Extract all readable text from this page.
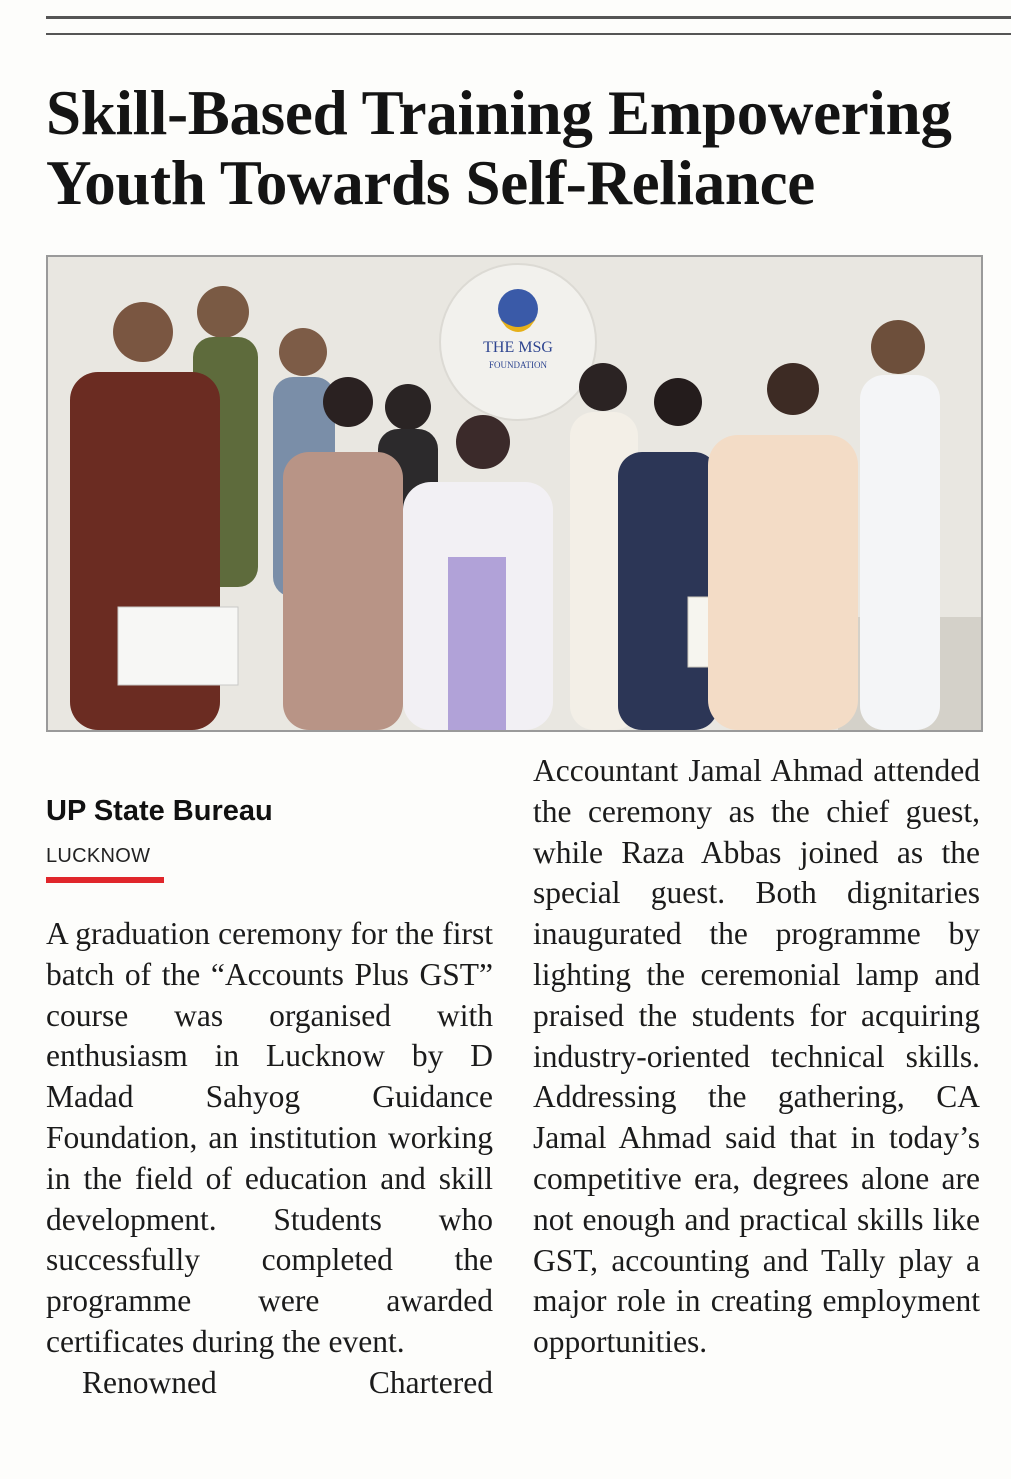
Skill-Based Training Empowering Youth Towards Self-Reliance
THE MSG
FOUNDATION
UP State Bureau
LUCKNOW

A graduation ceremony for the first batch of the “Accounts Plus GST” course was organised with enthusiasm in Lucknow by D Madad Sahyog Guidance Foundation, an institution working in the field of education and skill development. Students who successfully completed the programme were awarded certificates during the event.

Renowned Chartered

Accountant Jamal Ahmad attended the ceremony as the chief guest, while Raza Abbas joined as the special guest. Both dignitaries inaugurated the programme by lighting the ceremonial lamp and praised the students for acquiring industry-oriented technical skills. Addressing the gathering, CA Jamal Ahmad said that in today’s competitive era, degrees alone are not enough and practical skills like GST, accounting and Tally play a major role in creating employment opportunities.
